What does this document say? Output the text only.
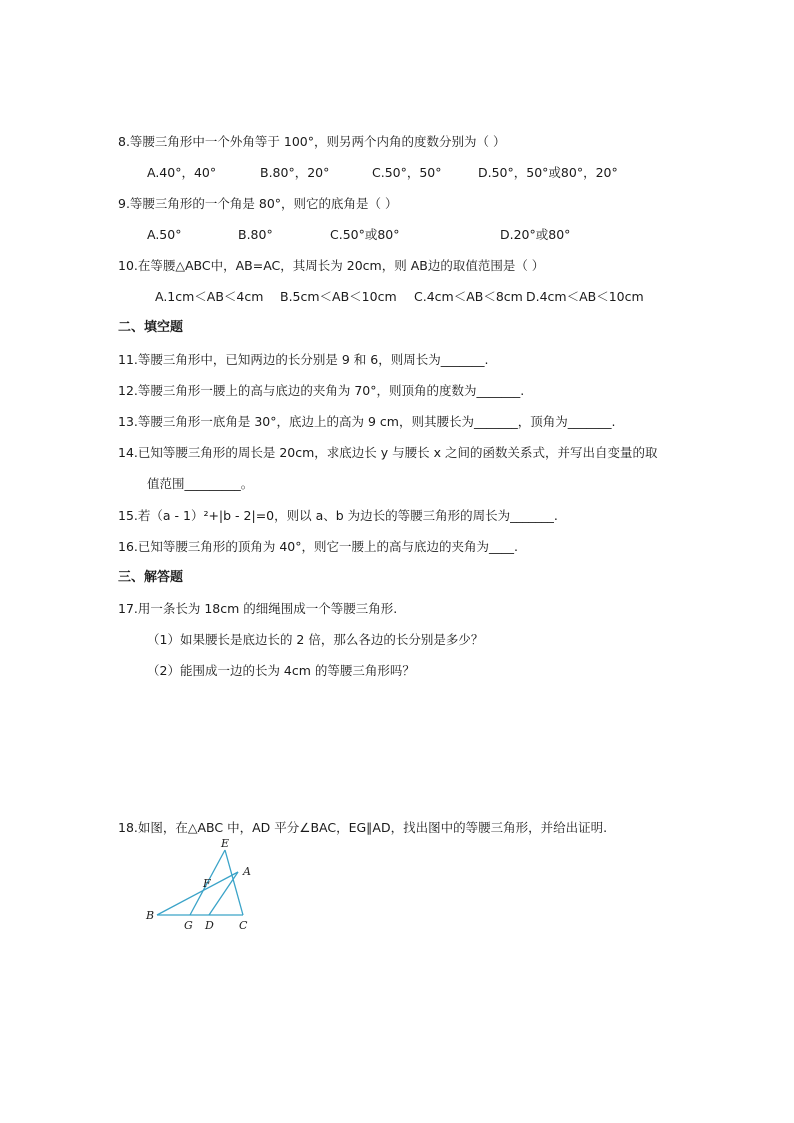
8.等腰三角形中一个外角等于 100°，则另两个内角的度数分别为（ ）
A.40°，40°	B.80°，20°	C.50°，50°	D.50°，50°或80°，20°
9.等腰三角形的一个角是 80°，则它的底角是（ ）
A.50°	B.80°	C.50°或80°	D.20°或80°
10.在等腰△ABC中，AB=AC，其周长为 20cm，则 AB边的取值范围是（ ）
A.1cm＜AB＜4cm B.5cm＜AB＜10cm C.4cm＜AB＜8cm D.4cm＜AB＜10cm
二、填空题
11.等腰三角形中，已知两边的长分别是 9 和 6，则周长为_______.
12.等腰三角形一腰上的高与底边的夹角为 70°，则顶角的度数为_______.
13.等腰三角形一底角是 30°，底边上的高为 9 cm，则其腰长为_______，顶角为_______.
14.已知等腰三角形的周长是 20cm，求底边长 y 与腰长 x 之间的函数关系式，并写出自变量的取
值范围_________。
15.若（a - 1）²+|b - 2|=0，则以 a、b 为边长的等腰三角形的周长为_______.
16.已知等腰三角形的顶角为 40°，则它一腰上的高与底边的夹角为____.
三、解答题
17.用一条长为 18cm 的细绳围成一个等腰三角形.
（1）如果腰长是底边长的 2 倍，那么各边的长分别是多少？
（2）能围成一边的长为 4cm 的等腰三角形吗？
18.如图，在△ABC 中，AD 平分∠BAC，EG∥AD，找出图中的等腰三角形，并给出证明.
E
A
F
B
G D C
